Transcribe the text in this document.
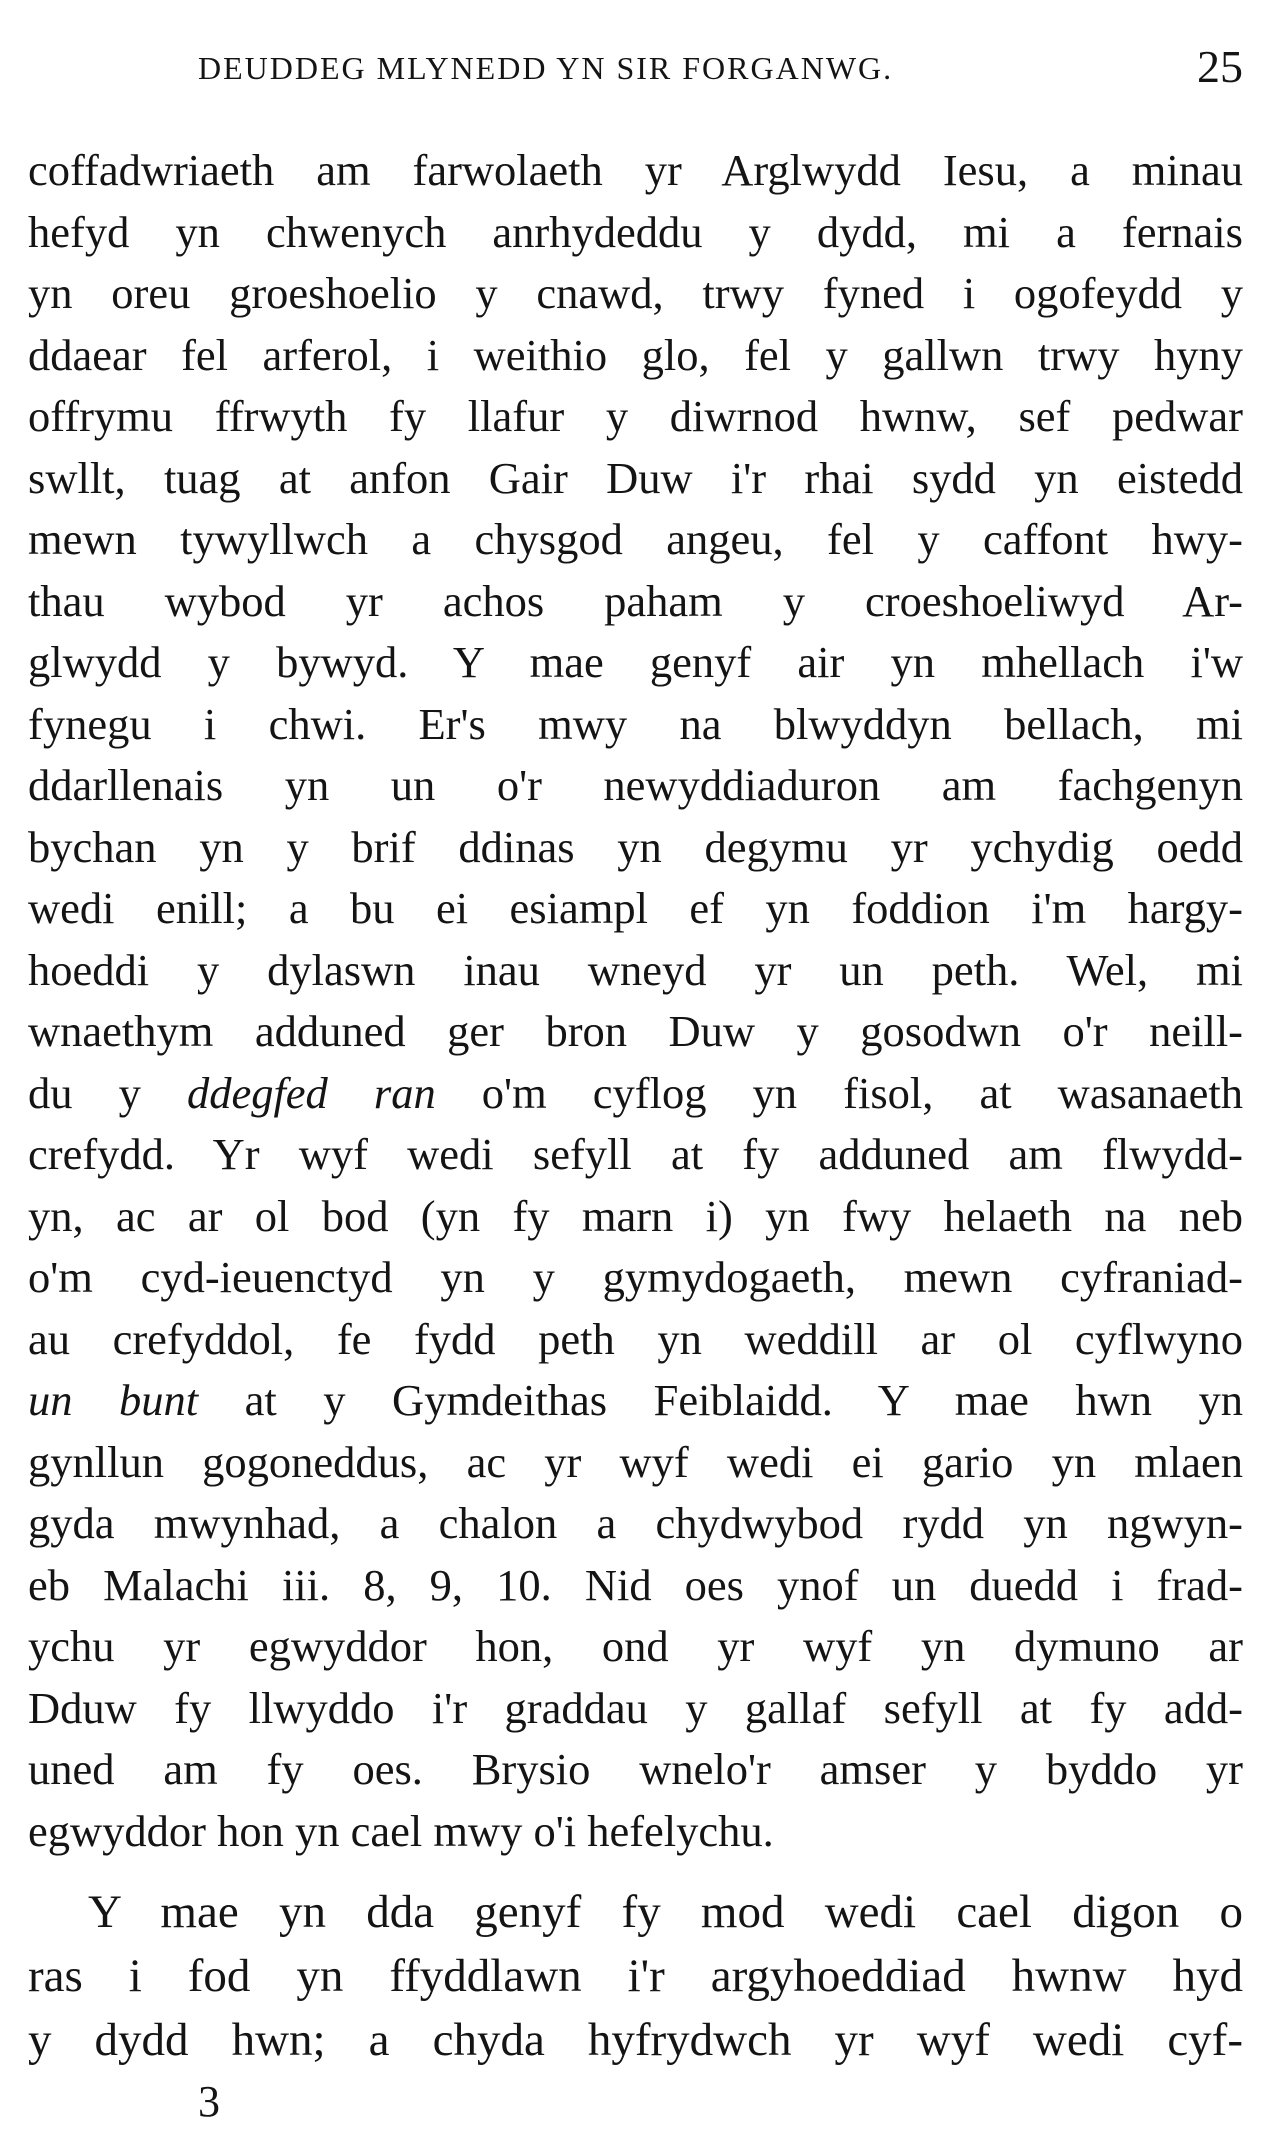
DEUDDEG MLYNEDD YN SIR FORGANWG.	25
coffadwriaeth am farwolaeth yr Arglwydd Iesu, a minau
hefyd yn chwenych anrhydeddu y dydd, mi a fernais
yn oreu groeshoelio y cnawd, trwy fyned i ogofeydd y
ddaear fel arferol, i weithio glo, fel y gallwn trwy hyny
offrymu ffrwyth fy llafur y diwrnod hwnw, sef pedwar
swllt, tuag at anfon Gair Duw i'r rhai sydd yn eistedd
mewn tywyllwch a chysgod angeu, fel y caffont hwy-
thau wybod yr achos paham y croeshoeliwyd Ar-
glwydd y bywyd. Y mae genyf air yn mhellach i'w
fynegu i chwi. Er's mwy na blwyddyn bellach, mi
ddarllenais yn un o'r newyddiaduron am fachgenyn
bychan yn y brif ddinas yn degymu yr ychydig oedd
wedi enill; a bu ei esiampl ef yn foddion i'm hargy-
hoeddi y dylaswn inau wneyd yr un peth. Wel, mi
wnaethym adduned ger bron Duw y gosodwn o'r neill-
du y ddegfed ran o'm cyflog yn fisol, at wasanaeth
crefydd. Yr wyf wedi sefyll at fy adduned am flwydd-
yn, ac ar ol bod (yn fy marn i) yn fwy helaeth na neb
o'm cyd-ieuenctyd yn y gymydogaeth, mewn cyfraniad-
au crefyddol, fe fydd peth yn weddill ar ol cyflwyno
un bunt at y Gymdeithas Feiblaidd. Y mae hwn yn
gynllun gogoneddus, ac yr wyf wedi ei gario yn mlaen
gyda mwynhad, a chalon a chydwybod rydd yn ngwyn-
eb Malachi iii. 8, 9, 10. Nid oes ynof un duedd i frad-
ychu yr egwyddor hon, ond yr wyf yn dymuno ar
Dduw fy llwyddo i'r graddau y gallaf sefyll at fy add-
uned am fy oes. Brysio wnelo'r amser y byddo yr
egwyddor hon yn cael mwy o'i hefelychu.
Y mae yn dda genyf fy mod wedi cael digon o
ras i fod yn ffyddlawn i'r argyhoeddiad hwnw hyd
y dydd hwn; a chyda hyfrydwch yr wyf wedi cyf-
3
